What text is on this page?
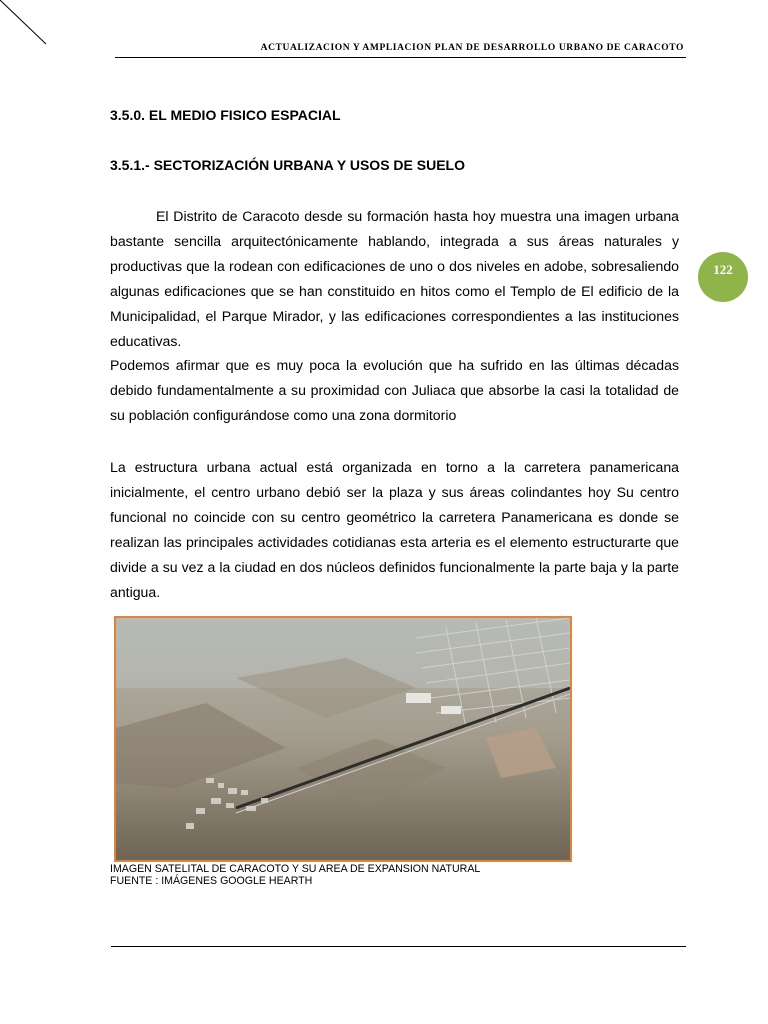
ACTUALIZACION Y AMPLIACION PLAN DE DESARROLLO URBANO DE CARACOTO
122
3.5.0. EL MEDIO FISICO ESPACIAL
3.5.1.- SECTORIZACIÓN URBANA Y USOS DE SUELO
El Distrito de Caracoto desde su formación hasta hoy muestra una imagen urbana bastante sencilla arquitectónicamente hablando, integrada a sus áreas naturales y productivas que la rodean con edificaciones de uno o dos niveles en adobe, sobresaliendo algunas edificaciones que se han constituido en hitos como el Templo de El edificio de la Municipalidad, el Parque Mirador, y las edificaciones correspondientes a las instituciones educativas.
Podemos afirmar que es muy poca la evolución que ha sufrido en las últimas décadas debido fundamentalmente a su proximidad con Juliaca que absorbe la casi la totalidad de su población configurándose como una zona dormitorio
La estructura urbana actual está organizada en torno a la carretera panamericana inicialmente, el centro urbano debió ser la plaza y sus áreas colindantes hoy Su centro funcional no coincide con su centro geométrico la carretera Panamericana es donde se realizan las principales actividades cotidianas esta arteria es el elemento estructurarte que divide a su vez a la ciudad en dos núcleos definidos funcionalmente la parte baja y la parte antigua.
IMAGEN SATELITAL DE CARACOTO Y SU AREA DE EXPANSION NATURAL
FUENTE : IMÁGENES GOOGLE HEARTH
